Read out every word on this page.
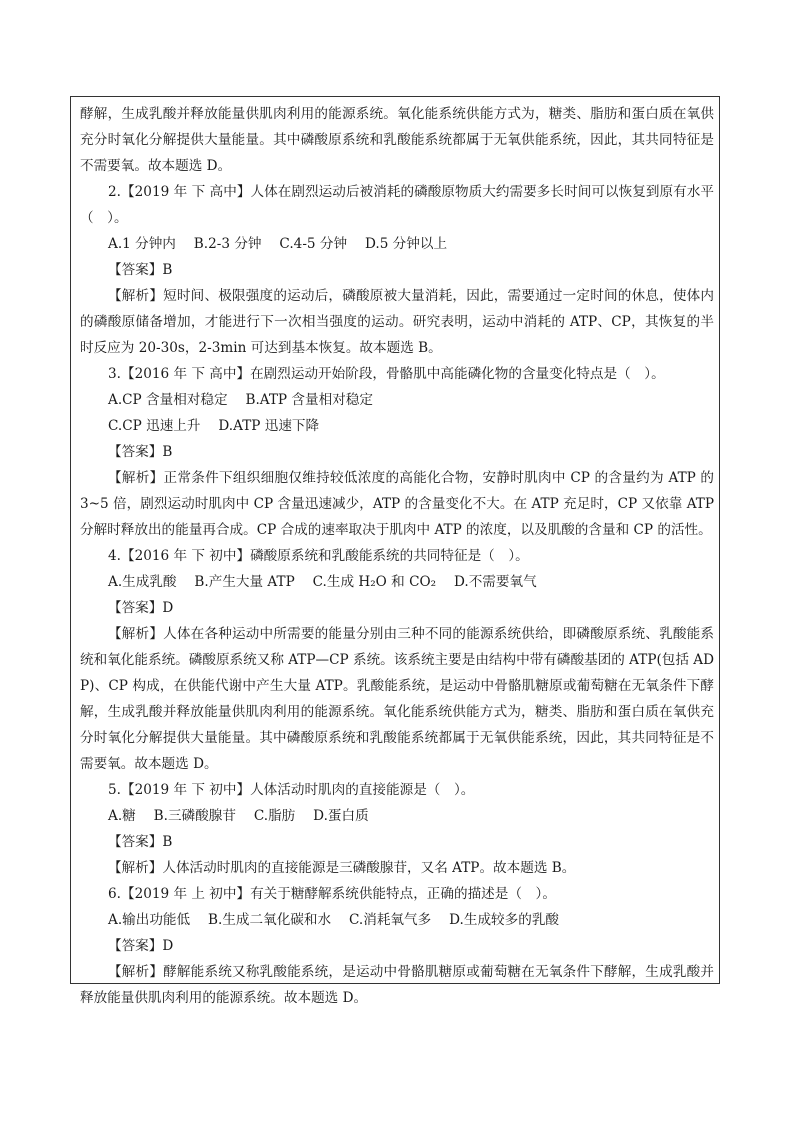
酵解，生成乳酸并释放能量供肌肉利用的能源系统。氧化能系统供能方式为，糖类、脂肪和蛋白质在氧供充分时氧化分解提供大量能量。其中磷酸原系统和乳酸能系统都属于无氧供能系统，因此，其共同特征是不需要氧。故本题选 D。

2.【2019 年 下 高中】人体在剧烈运动后被消耗的磷酸原物质大约需要多长时间可以恢复到原有水平（　）。

A.1 分钟内　 B.2-3 分钟　 C.4-5 分钟　 D.5 分钟以上

【答案】B

【解析】短时间、极限强度的运动后，磷酸原被大量消耗，因此，需要通过一定时间的休息，使体内的磷酸原储备增加，才能进行下一次相当强度的运动。研究表明，运动中消耗的 ATP、CP，其恢复的半时反应为 20-30s，2-3min 可达到基本恢复。故本题选 B。

3.【2016 年 下 高中】在剧烈运动开始阶段，骨骼肌中高能磷化物的含量变化特点是（　）。

A.CP 含量相对稳定　 B.ATP 含量相对稳定

C.CP 迅速上升　 D.ATP 迅速下降

【答案】B

【解析】正常条件下组织细胞仅维持较低浓度的高能化合物，安静时肌肉中 CP 的含量约为 ATP 的 3~5 倍，剧烈运动时肌肉中 CP 含量迅速减少，ATP 的含量变化不大。在 ATP 充足时，CP 又依靠 ATP 分解时释放出的能量再合成。CP 合成的速率取决于肌肉中 ATP 的浓度，以及肌酸的含量和 CP 的活性。

4.【2016 年 下 初中】磷酸原系统和乳酸能系统的共同特征是（　）。

A.生成乳酸　 B.产生大量 ATP　 C.生成 H₂O 和 CO₂　 D.不需要氧气

【答案】D

【解析】人体在各种运动中所需要的能量分别由三种不同的能源系统供给，即磷酸原系统、乳酸能系统和氧化能系统。磷酸原系统又称 ATP—CP 系统。该系统主要是由结构中带有磷酸基团的 ATP(包括 ADP)、CP 构成，在供能代谢中产生大量 ATP。乳酸能系统，是运动中骨骼肌糖原或葡萄糖在无氧条件下酵解，生成乳酸并释放能量供肌肉利用的能源系统。氧化能系统供能方式为，糖类、脂肪和蛋白质在氧供充分时氧化分解提供大量能量。其中磷酸原系统和乳酸能系统都属于无氧供能系统，因此，其共同特征是不需要氧。故本题选 D。

5.【2019 年 下 初中】人体活动时肌肉的直接能源是（　）。

A.糖　 B.三磷酸腺苷　 C.脂肪　 D.蛋白质

【答案】B

【解析】人体活动时肌肉的直接能源是三磷酸腺苷，又名 ATP。故本题选 B。

6.【2019 年 上 初中】有关于糖酵解系统供能特点，正确的描述是（　）。

A.输出功能低　 B.生成二氧化碳和水　 C.消耗氧气多　 D.生成较多的乳酸

【答案】D

【解析】酵解能系统又称乳酸能系统，是运动中骨骼肌糖原或葡萄糖在无氧条件下酵解，生成乳酸并释放能量供肌肉利用的能源系统。故本题选 D。
